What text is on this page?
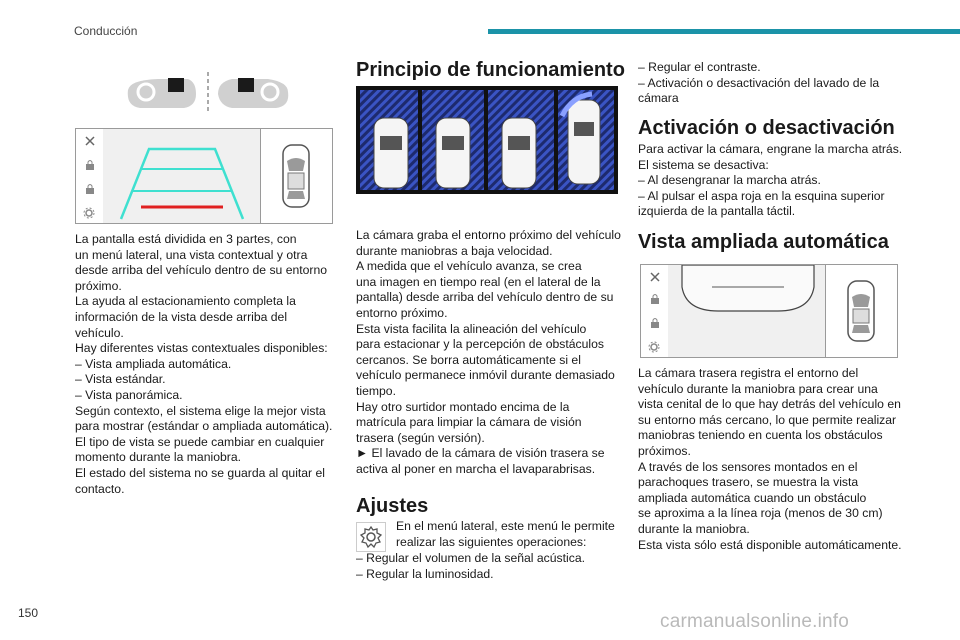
Conducción

La pantalla está dividida en 3 partes, con

un menú lateral, una vista contextual y otra

desde arriba del vehículo dentro de su entorno

próximo.

La ayuda al estacionamiento completa la

información de la vista desde arriba del vehículo.

Hay diferentes vistas contextuales disponibles:

– Vista ampliada automática.

– Vista estándar.

– Vista panorámica.

Según contexto, el sistema elige la mejor vista

para mostrar (estándar o ampliada automática).

El tipo de vista se puede cambiar en cualquier

momento durante la maniobra.

El estado del sistema no se guarda al quitar el

contacto.

Principio de funcionamiento

La cámara graba el entorno próximo del vehículo

durante maniobras a baja velocidad.

A medida que el vehículo avanza, se crea

una imagen en tiempo real (en el lateral de la

pantalla) desde arriba del vehículo dentro de su

entorno próximo.

Esta vista facilita la alineación del vehículo

para estacionar y la percepción de obstáculos

cercanos. Se borra automáticamente si el

vehículo permanece inmóvil durante demasiado

tiempo.

Hay otro surtidor montado encima de la

matrícula para limpiar la cámara de visión

trasera (según versión).

► El lavado de la cámara de visión trasera se

activa al poner en marcha el lavaparabrisas.

Ajustes

En el menú lateral, este menú le permite

realizar las siguientes operaciones:

– Regular el volumen de la señal acústica.

– Regular la luminosidad.

– Regular el contraste.

– Activación o desactivación del lavado de la

cámara

Activación o desactivación

Para activar la cámara, engrane la marcha atrás.

El sistema se desactiva:

– Al desengranar la marcha atrás.

– Al pulsar el aspa roja en la esquina superior

izquierda de la pantalla táctil.

Vista ampliada automática

La cámara trasera registra el entorno del

vehículo durante la maniobra para crear una

vista cenital de lo que hay detrás del vehículo en

su entorno más cercano, lo que permite realizar

maniobras teniendo en cuenta los obstáculos

próximos.

A través de los sensores montados en el

parachoques trasero, se muestra la vista

ampliada automática cuando un obstáculo

se aproxima a la línea roja (menos de 30 cm)

durante la maniobra.

Esta vista sólo está disponible automáticamente.

150	carmanualsonline.info
